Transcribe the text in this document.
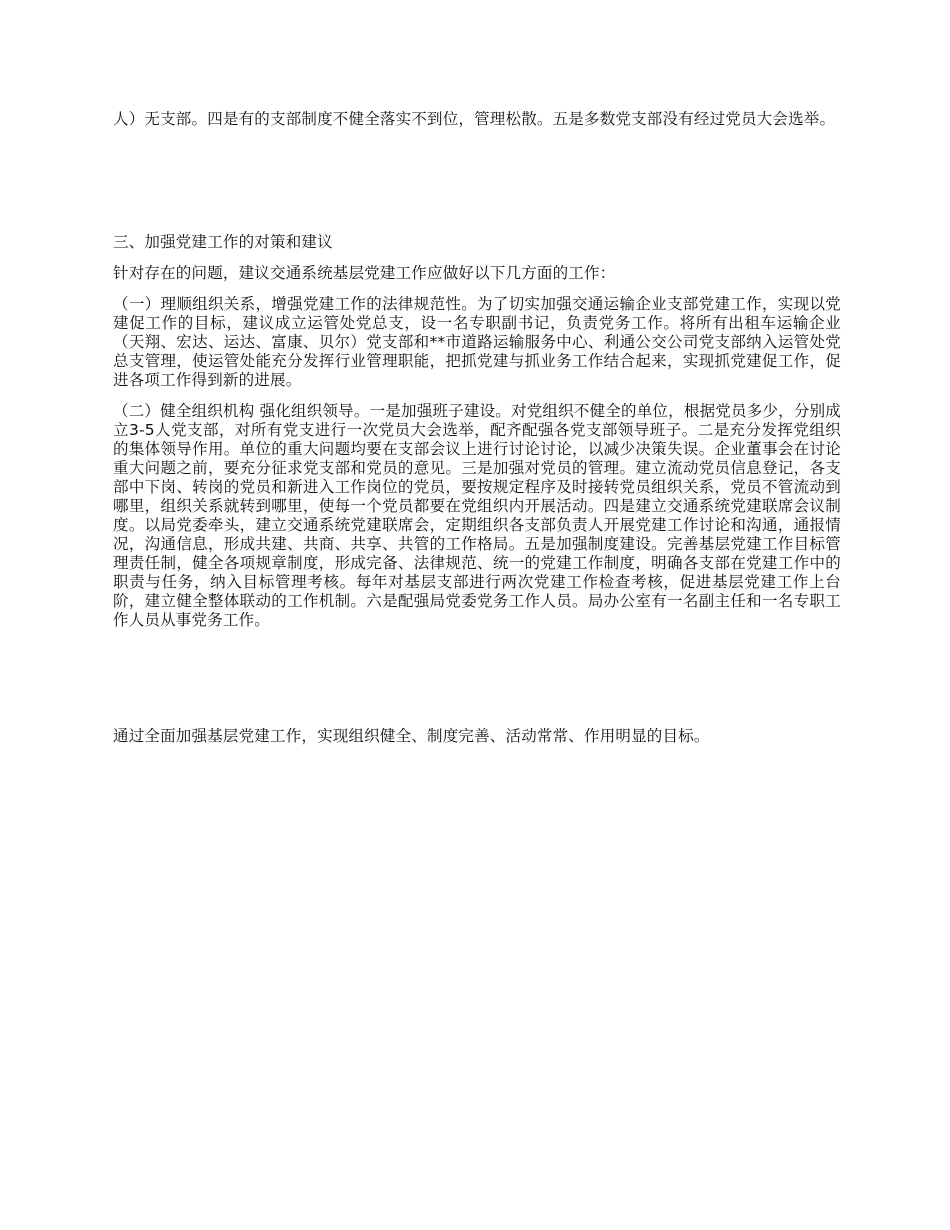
人）无支部。四是有的支部制度不健全落实不到位，管理松散。五是多数党支部没有经过党员大会选举。

三、加强党建工作的对策和建议

针对存在的问题，建议交通系统基层党建工作应做好以下几方面的工作：

（一）理顺组织关系，增强党建工作的法律规范性。为了切实加强交通运输企业支部党建工作，实现以党建促工作的目标，建议成立运管处党总支，设一名专职副书记，负责党务工作。将所有出租车运输企业（天翔、宏达、运达、富康、贝尔）党支部和**市道路运输服务中心、利通公交公司党支部纳入运管处党总支管理，使运管处能充分发挥行业管理职能，把抓党建与抓业务工作结合起来，实现抓党建促工作，促进各项工作得到新的进展。

（二）健全组织机构 强化组织领导。一是加强班子建设。对党组织不健全的单位，根据党员多少，分别成立3-5人党支部，对所有党支进行一次党员大会选举，配齐配强各党支部领导班子。二是充分发挥党组织的集体领导作用。单位的重大问题均要在支部会议上进行讨论讨论，以减少决策失误。企业董事会在讨论重大问题之前，要充分征求党支部和党员的意见。三是加强对党员的管理。建立流动党员信息登记，各支部中下岗、转岗的党员和新进入工作岗位的党员，要按规定程序及时接转党员组织关系，党员不管流动到哪里，组织关系就转到哪里，使每一个党员都要在党组织内开展活动。四是建立交通系统党建联席会议制度。以局党委牵头，建立交通系统党建联席会，定期组织各支部负责人开展党建工作讨论和沟通，通报情况，沟通信息，形成共建、共商、共享、共管的工作格局。五是加强制度建设。完善基层党建工作目标管理责任制，健全各项规章制度，形成完备、法律规范、统一的党建工作制度，明确各支部在党建工作中的职责与任务，纳入目标管理考核。每年对基层支部进行两次党建工作检查考核，促进基层党建工作上台阶，建立健全整体联动的工作机制。六是配强局党委党务工作人员。局办公室有一名副主任和一名专职工作人员从事党务工作。

通过全面加强基层党建工作，实现组织健全、制度完善、活动常常、作用明显的目标。
